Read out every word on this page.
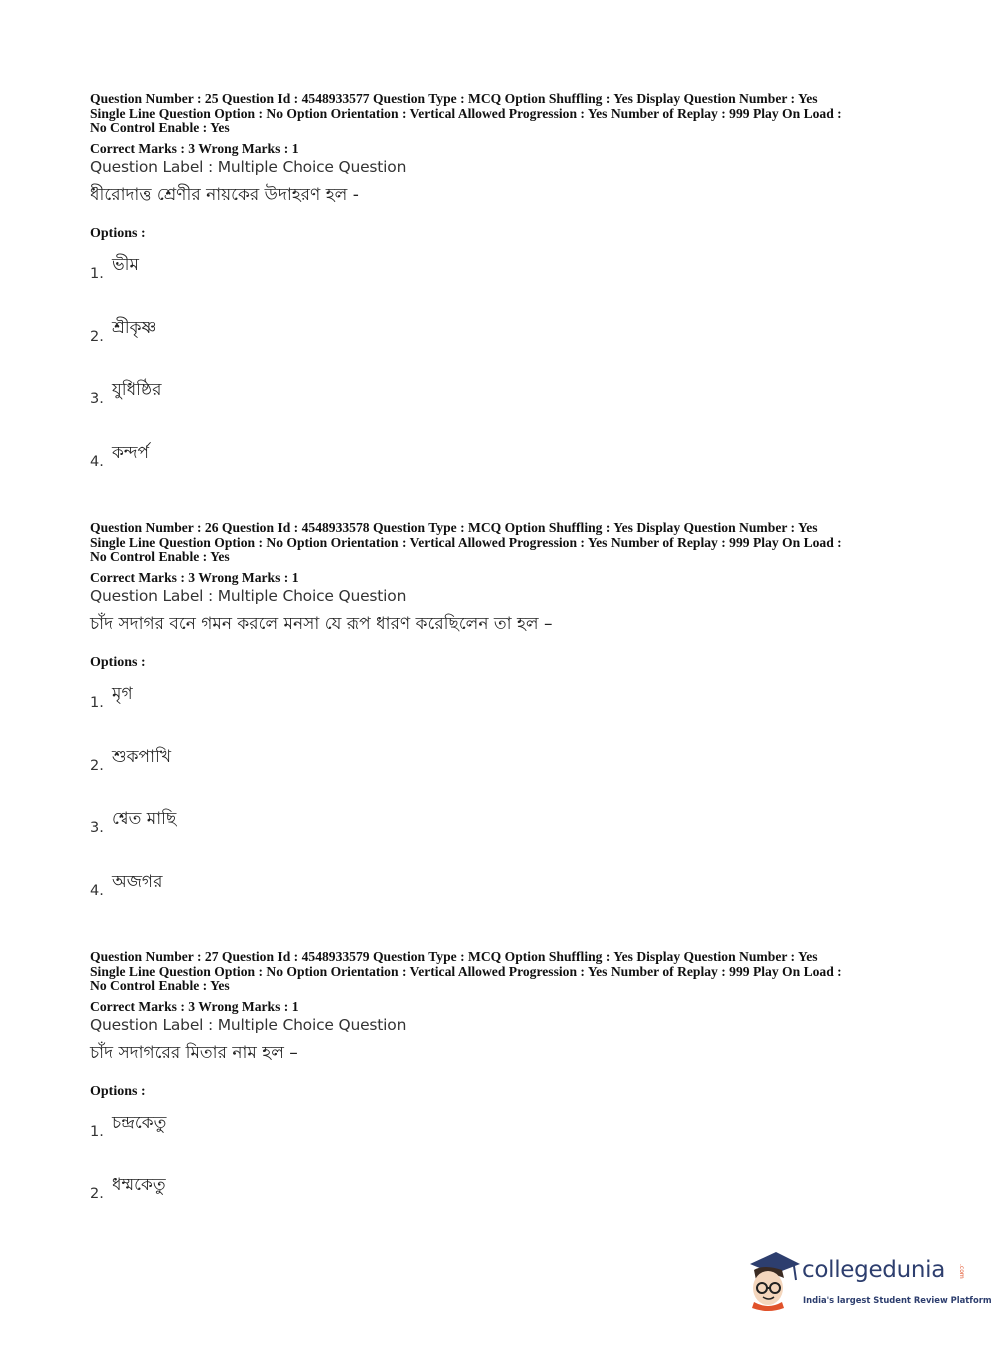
Question Number : 25 Question Id : 4548933577 Question Type : MCQ Option Shuffling : Yes Display Question Number : Yes
Single Line Question Option : No Option Orientation : Vertical Allowed Progression : Yes Number of Replay : 999 Play On Load :
No Control Enable : Yes
Correct Marks : 3 Wrong Marks : 1
Question Label : Multiple Choice Question
ধীরোদাত্ত শ্রেণীর নায়কের উদাহরণ হল -
Options :
1. ভীম
2. শ্রীকৃষ্ণ
3. যুধিষ্ঠির
4. কন্দর্প
Question Number : 26 Question Id : 4548933578 Question Type : MCQ Option Shuffling : Yes Display Question Number : Yes
Single Line Question Option : No Option Orientation : Vertical Allowed Progression : Yes Number of Replay : 999 Play On Load :
No Control Enable : Yes
Correct Marks : 3 Wrong Marks : 1
Question Label : Multiple Choice Question
চাঁদ সদাগর বনে গমন করলে মনসা যে রূপ ধারণ করেছিলেন তা হল –
Options :
1. মৃগ
2. শুকপাখি
3. শ্বেত মাছি
4. অজগর
Question Number : 27 Question Id : 4548933579 Question Type : MCQ Option Shuffling : Yes Display Question Number : Yes
Single Line Question Option : No Option Orientation : Vertical Allowed Progression : Yes Number of Replay : 999 Play On Load :
No Control Enable : Yes
Correct Marks : 3 Wrong Marks : 1
Question Label : Multiple Choice Question
চাঁদ সদাগরের মিতার নাম হল –
Options :
1. চন্দ্রকেতু
2. ধম্মকেতু
collegedunia .com
India's largest Student Review Platform
